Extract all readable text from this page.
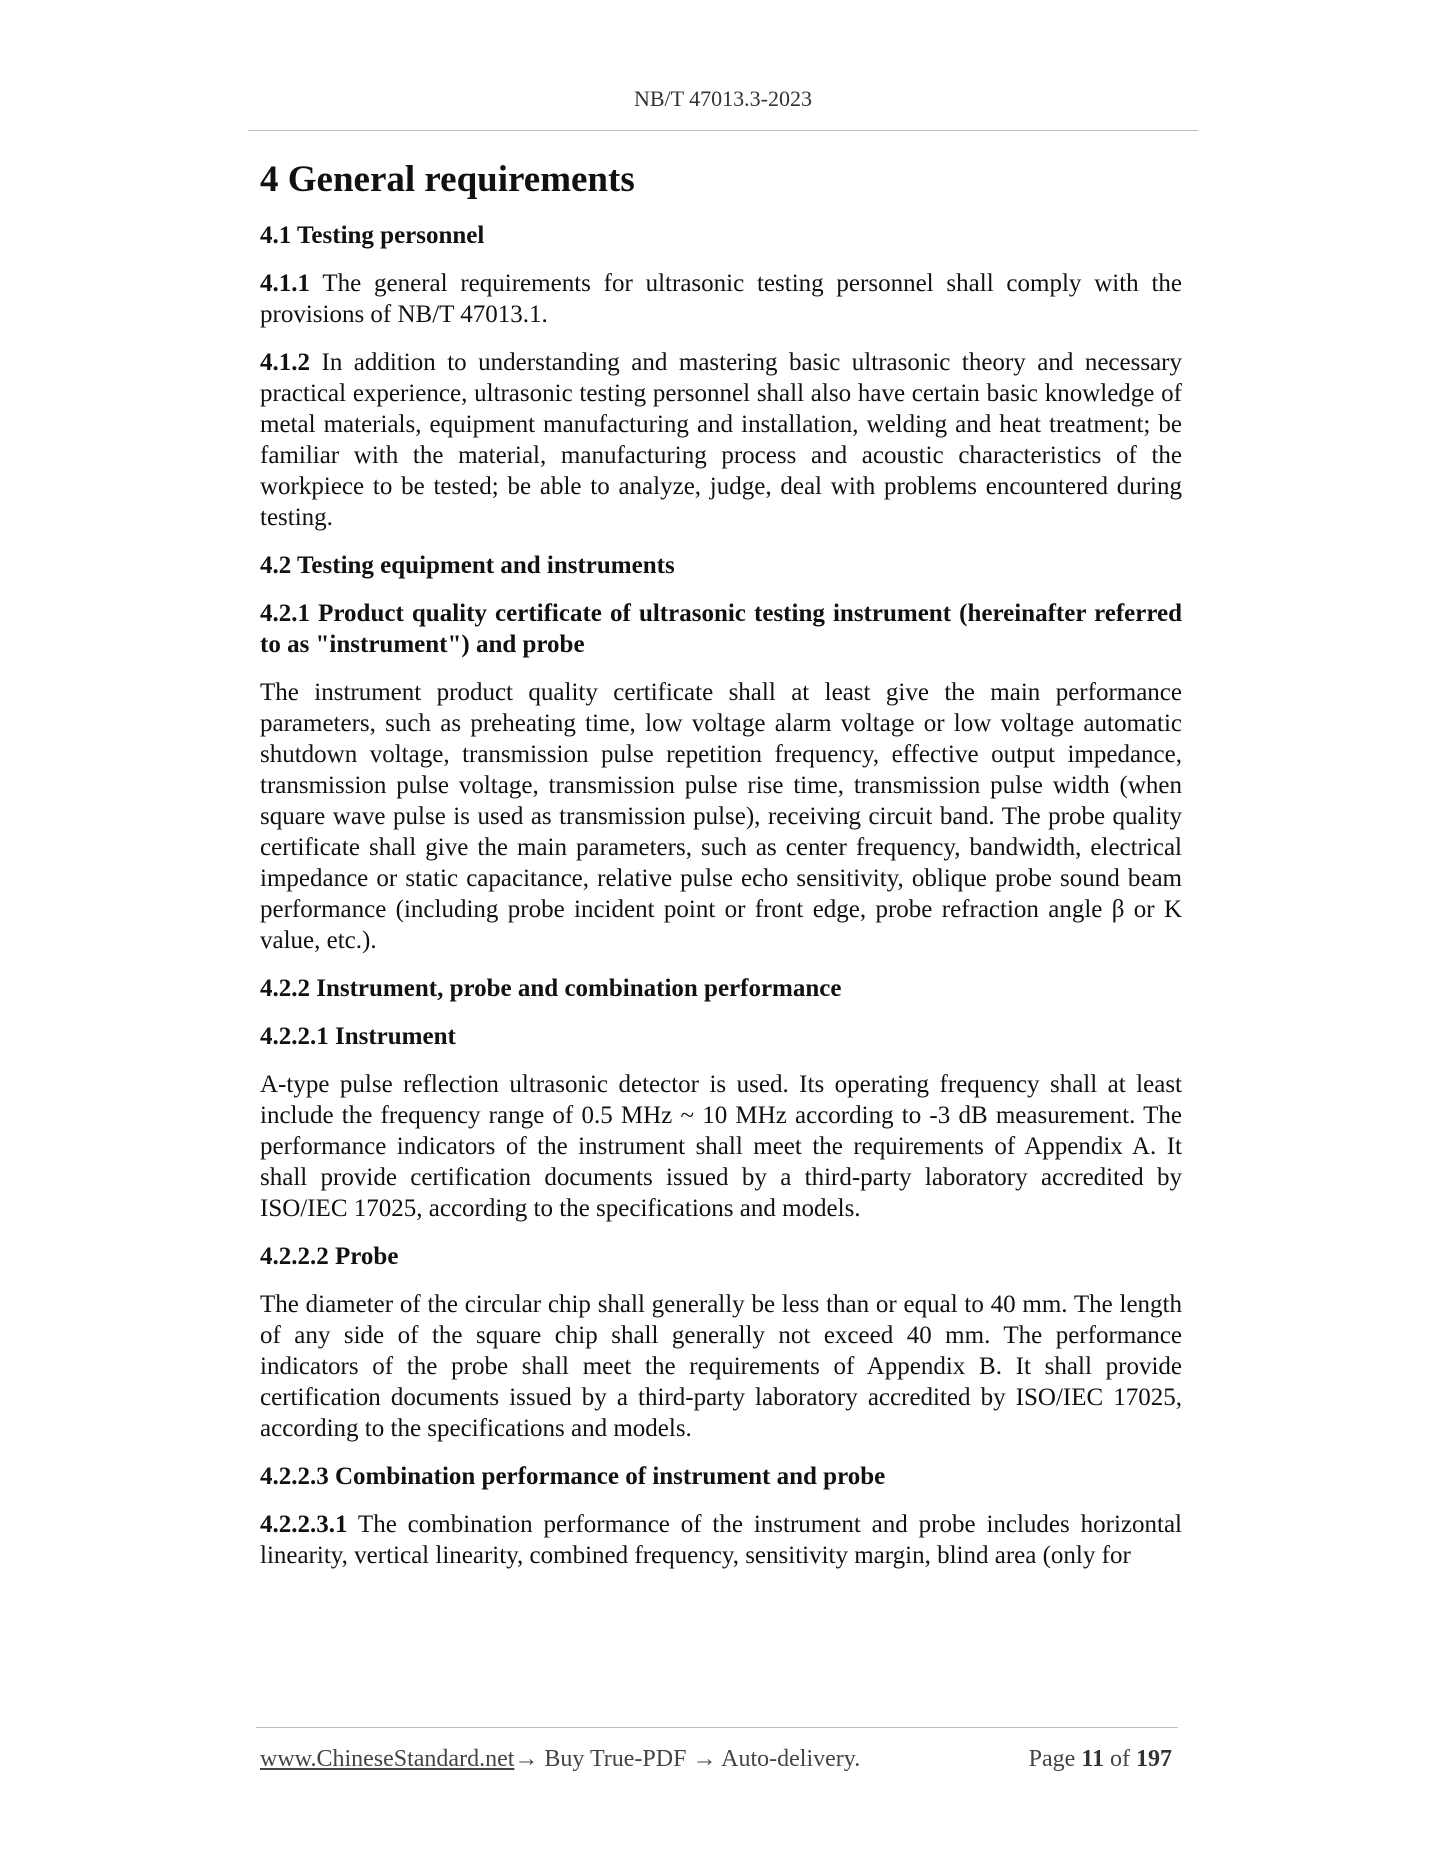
NB/T 47013.3-2023
4 General requirements
4.1 Testing personnel

4.1.1 The general requirements for ultrasonic testing personnel shall comply with the provisions of NB/T 47013.1.

4.1.2 In addition to understanding and mastering basic ultrasonic theory and necessary practical experience, ultrasonic testing personnel shall also have certain basic knowledge of metal materials, equipment manufacturing and installation, welding and heat treatment; be familiar with the material, manufacturing process and acoustic characteristics of the workpiece to be tested; be able to analyze, judge, deal with problems encountered during testing.

4.2 Testing equipment and instruments
4.2.1 Product quality certificate of ultrasonic testing instrument (hereinafter referred to as "instrument") and probe

The instrument product quality certificate shall at least give the main performance parameters, such as preheating time, low voltage alarm voltage or low voltage automatic shutdown voltage, transmission pulse repetition frequency, effective output impedance, transmission pulse voltage, transmission pulse rise time, transmission pulse width (when square wave pulse is used as transmission pulse), receiving circuit band. The probe quality certificate shall give the main parameters, such as center frequency, bandwidth, electrical impedance or static capacitance, relative pulse echo sensitivity, oblique probe sound beam performance (including probe incident point or front edge, probe refraction angle β or K value, etc.).

4.2.2 Instrument, probe and combination performance
4.2.2.1 Instrument

A-type pulse reflection ultrasonic detector is used. Its operating frequency shall at least include the frequency range of 0.5 MHz ~ 10 MHz according to -3 dB measurement. The performance indicators of the instrument shall meet the requirements of Appendix A. It shall provide certification documents issued by a third-party laboratory accredited by ISO/IEC 17025, according to the specifications and models.

4.2.2.2 Probe

The diameter of the circular chip shall generally be less than or equal to 40 mm. The length of any side of the square chip shall generally not exceed 40 mm. The performance indicators of the probe shall meet the requirements of Appendix B. It shall provide certification documents issued by a third-party laboratory accredited by ISO/IEC 17025, according to the specifications and models.

4.2.2.3 Combination performance of instrument and probe

4.2.2.3.1 The combination performance of the instrument and probe includes horizontal linearity, vertical linearity, combined frequency, sensitivity margin, blind area (only for

www.ChineseStandard.net→ Buy True-PDF → Auto-delivery.	Page 11 of 197
